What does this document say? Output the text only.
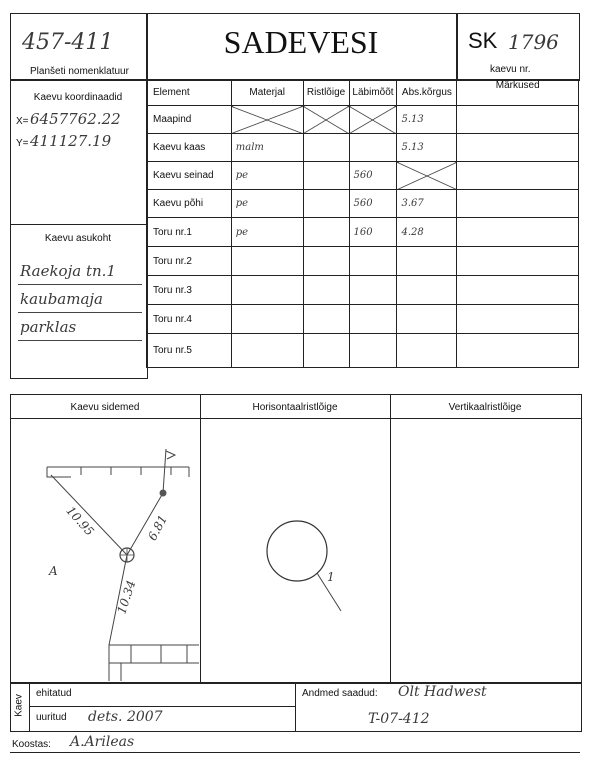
457-411
Planšeti nomenklatuur
SADEVESI	SK 1796
kaevu nr.
Kaevu koordinaadid
X= 6457762.22
Y= 411127.19
Kaevu asukoht
Raekoja tn.1
kaubamaja
parklas
Element	Materjal	Ristlõige	Läbimõõt	Abs.kõrgus	Märkused
Maapind				5.13	
Kaevu kaas	malm			5.13	
Kaevu seinad	pe		560		
Kaevu põhi	pe		560	3.67	
Toru nr.1	pe		160	4.28	
Toru nr.2					
Toru nr.3					
Toru nr.4					
Toru nr.5					
Kaevu sidemed	Horisontaalristlõige	Vertikaalristlõige
10.95	6.81
10.34
A	1
Kaev
ehitatud
uuritud dets. 2007
Andmed saadud: Olt Hadwest
T-07-412
Koostas: A.Arileas
